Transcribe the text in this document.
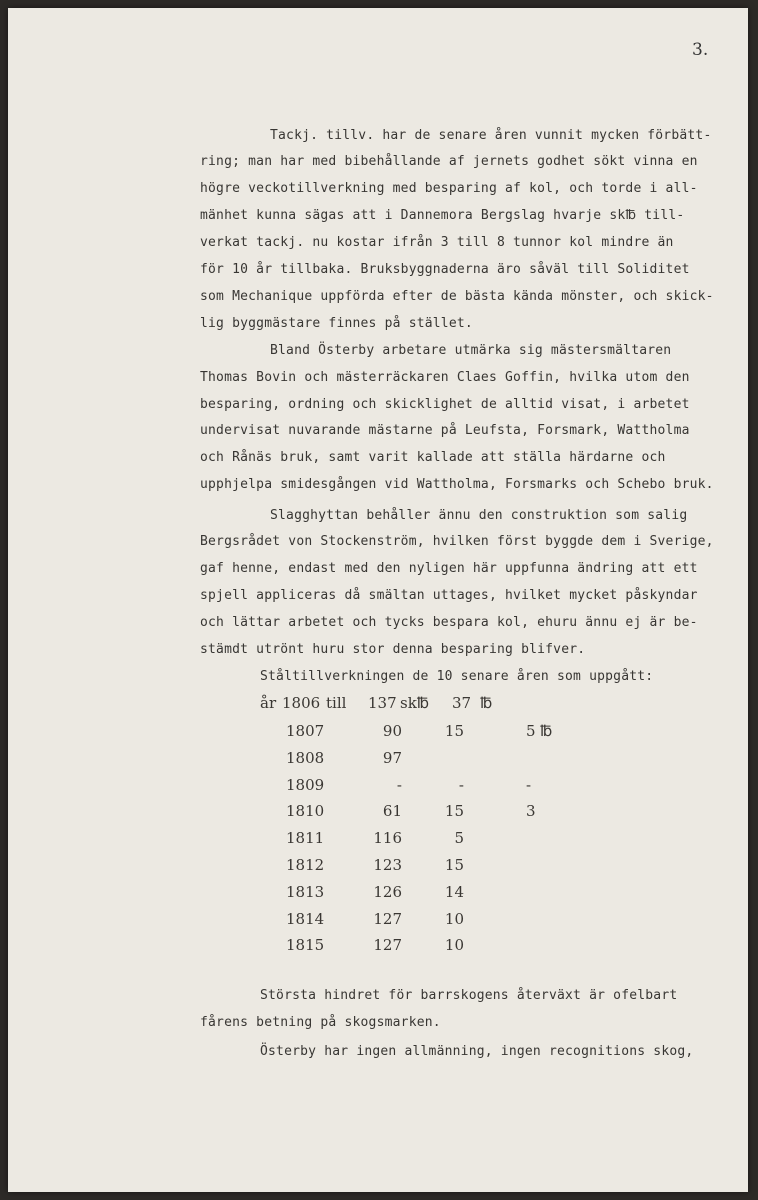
3.
Tackj. tillv. har de senare åren vunnit mycken förbätt-
ring; man har med bibehållande af jernets godhet sökt vinna en
högre veckotillverkning med besparing af kol, och torde i all-
mänhet kunna sägas att i Dannemora Bergslag hvarje sk℔ till-
verkat tackj. nu kostar ifrån 3 till 8 tunnor kol mindre än
för 10 år tillbaka. Bruksbyggnaderna äro såväl till Soliditet
som Mechanique uppförda efter de bästa kända mönster, och skick-
lig byggmästare finnes på stället.
Bland Österby arbetare utmärka sig mästersmältaren
Thomas Bovin och mästerräckaren Claes Goffin, hvilka utom den
besparing, ordning och skicklighet de alltid visat, i arbetet
undervisat nuvarande mästarne på Leufsta, Forsmark, Wattholma
och Rånäs bruk, samt varit kallade att ställa härdarne och
upphjelpa smidesgången vid Wattholma, Forsmarks och Schebo bruk.
Slagghyttan behåller ännu den construktion som salig
Bergsrådet von Stockenström, hvilken först byggde dem i Sverige,
gaf henne, endast med den nyligen här uppfunna ändring att ett
spjell appliceras då smältan uttages, hvilket mycket påskyndar
och lättar arbetet och tycks bespara kol, ehuru ännu ej är be-
stämdt utrönt huru stor denna besparing blifver.
Ståltillverkningen de 10 senare åren som uppgått:
år 1806 till 137 sk℔ 37 ℔
1807	90	15	5 ℔
1808	97
1809	-	-	-
1810	61	15	3
1811	116	5
1812	123	15
1813	126	14
1814	127	10
1815	127	10
Största hindret för barrskogens återväxt är ofelbart
fårens betning på skogsmarken.
Österby har ingen allmänning, ingen recognitions skog,
